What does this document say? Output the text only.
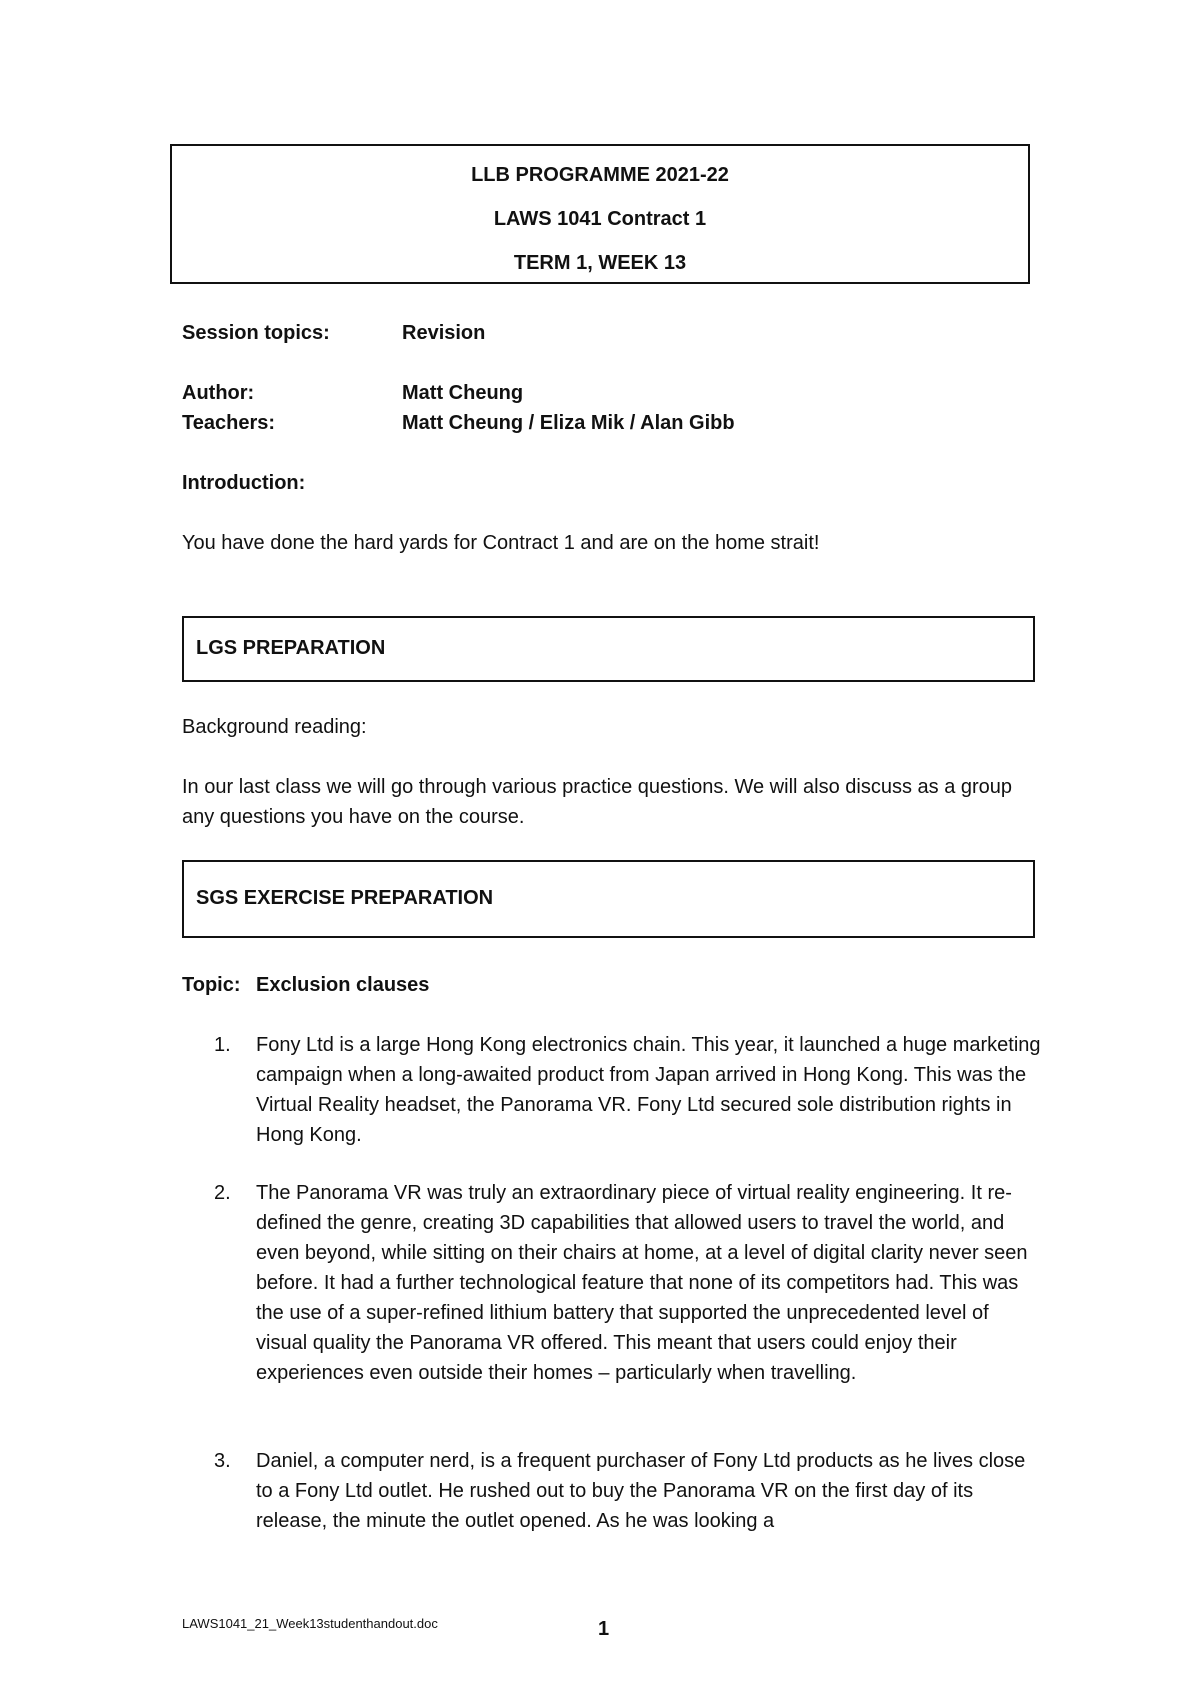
LLB PROGRAMME 2021-22
LAWS 1041 Contract 1
TERM 1, WEEK 13
Session topics:	Revision
Author:	Matt Cheung
Teachers:	Matt Cheung / Eliza Mik / Alan Gibb
Introduction:
You have done the hard yards for Contract 1 and are on the home strait!
LGS PREPARATION
Background reading:
In our last class we will go through various practice questions. We will also discuss as a group any questions you have on the course.
SGS EXERCISE PREPARATION
Topic: Exclusion clauses
1.	Fony Ltd is a large Hong Kong electronics chain. This year, it launched a huge marketing campaign when a long-awaited product from Japan arrived in Hong Kong. This was the Virtual Reality headset, the Panorama VR. Fony Ltd secured sole distribution rights in Hong Kong.
2.	The Panorama VR was truly an extraordinary piece of virtual reality engineering. It re-defined the genre, creating 3D capabilities that allowed users to travel the world, and even beyond, while sitting on their chairs at home, at a level of digital clarity never seen before. It had a further technological feature that none of its competitors had. This was the use of a super-refined lithium battery that supported the unprecedented level of visual quality the Panorama VR offered. This meant that users could enjoy their experiences even outside their homes – particularly when travelling.
3.	Daniel, a computer nerd, is a frequent purchaser of Fony Ltd products as he lives close to a Fony Ltd outlet. He rushed out to buy the Panorama VR on the first day of its release, the minute the outlet opened. As he was looking a
LAWS1041_21_Week13studenthandout.doc	1
